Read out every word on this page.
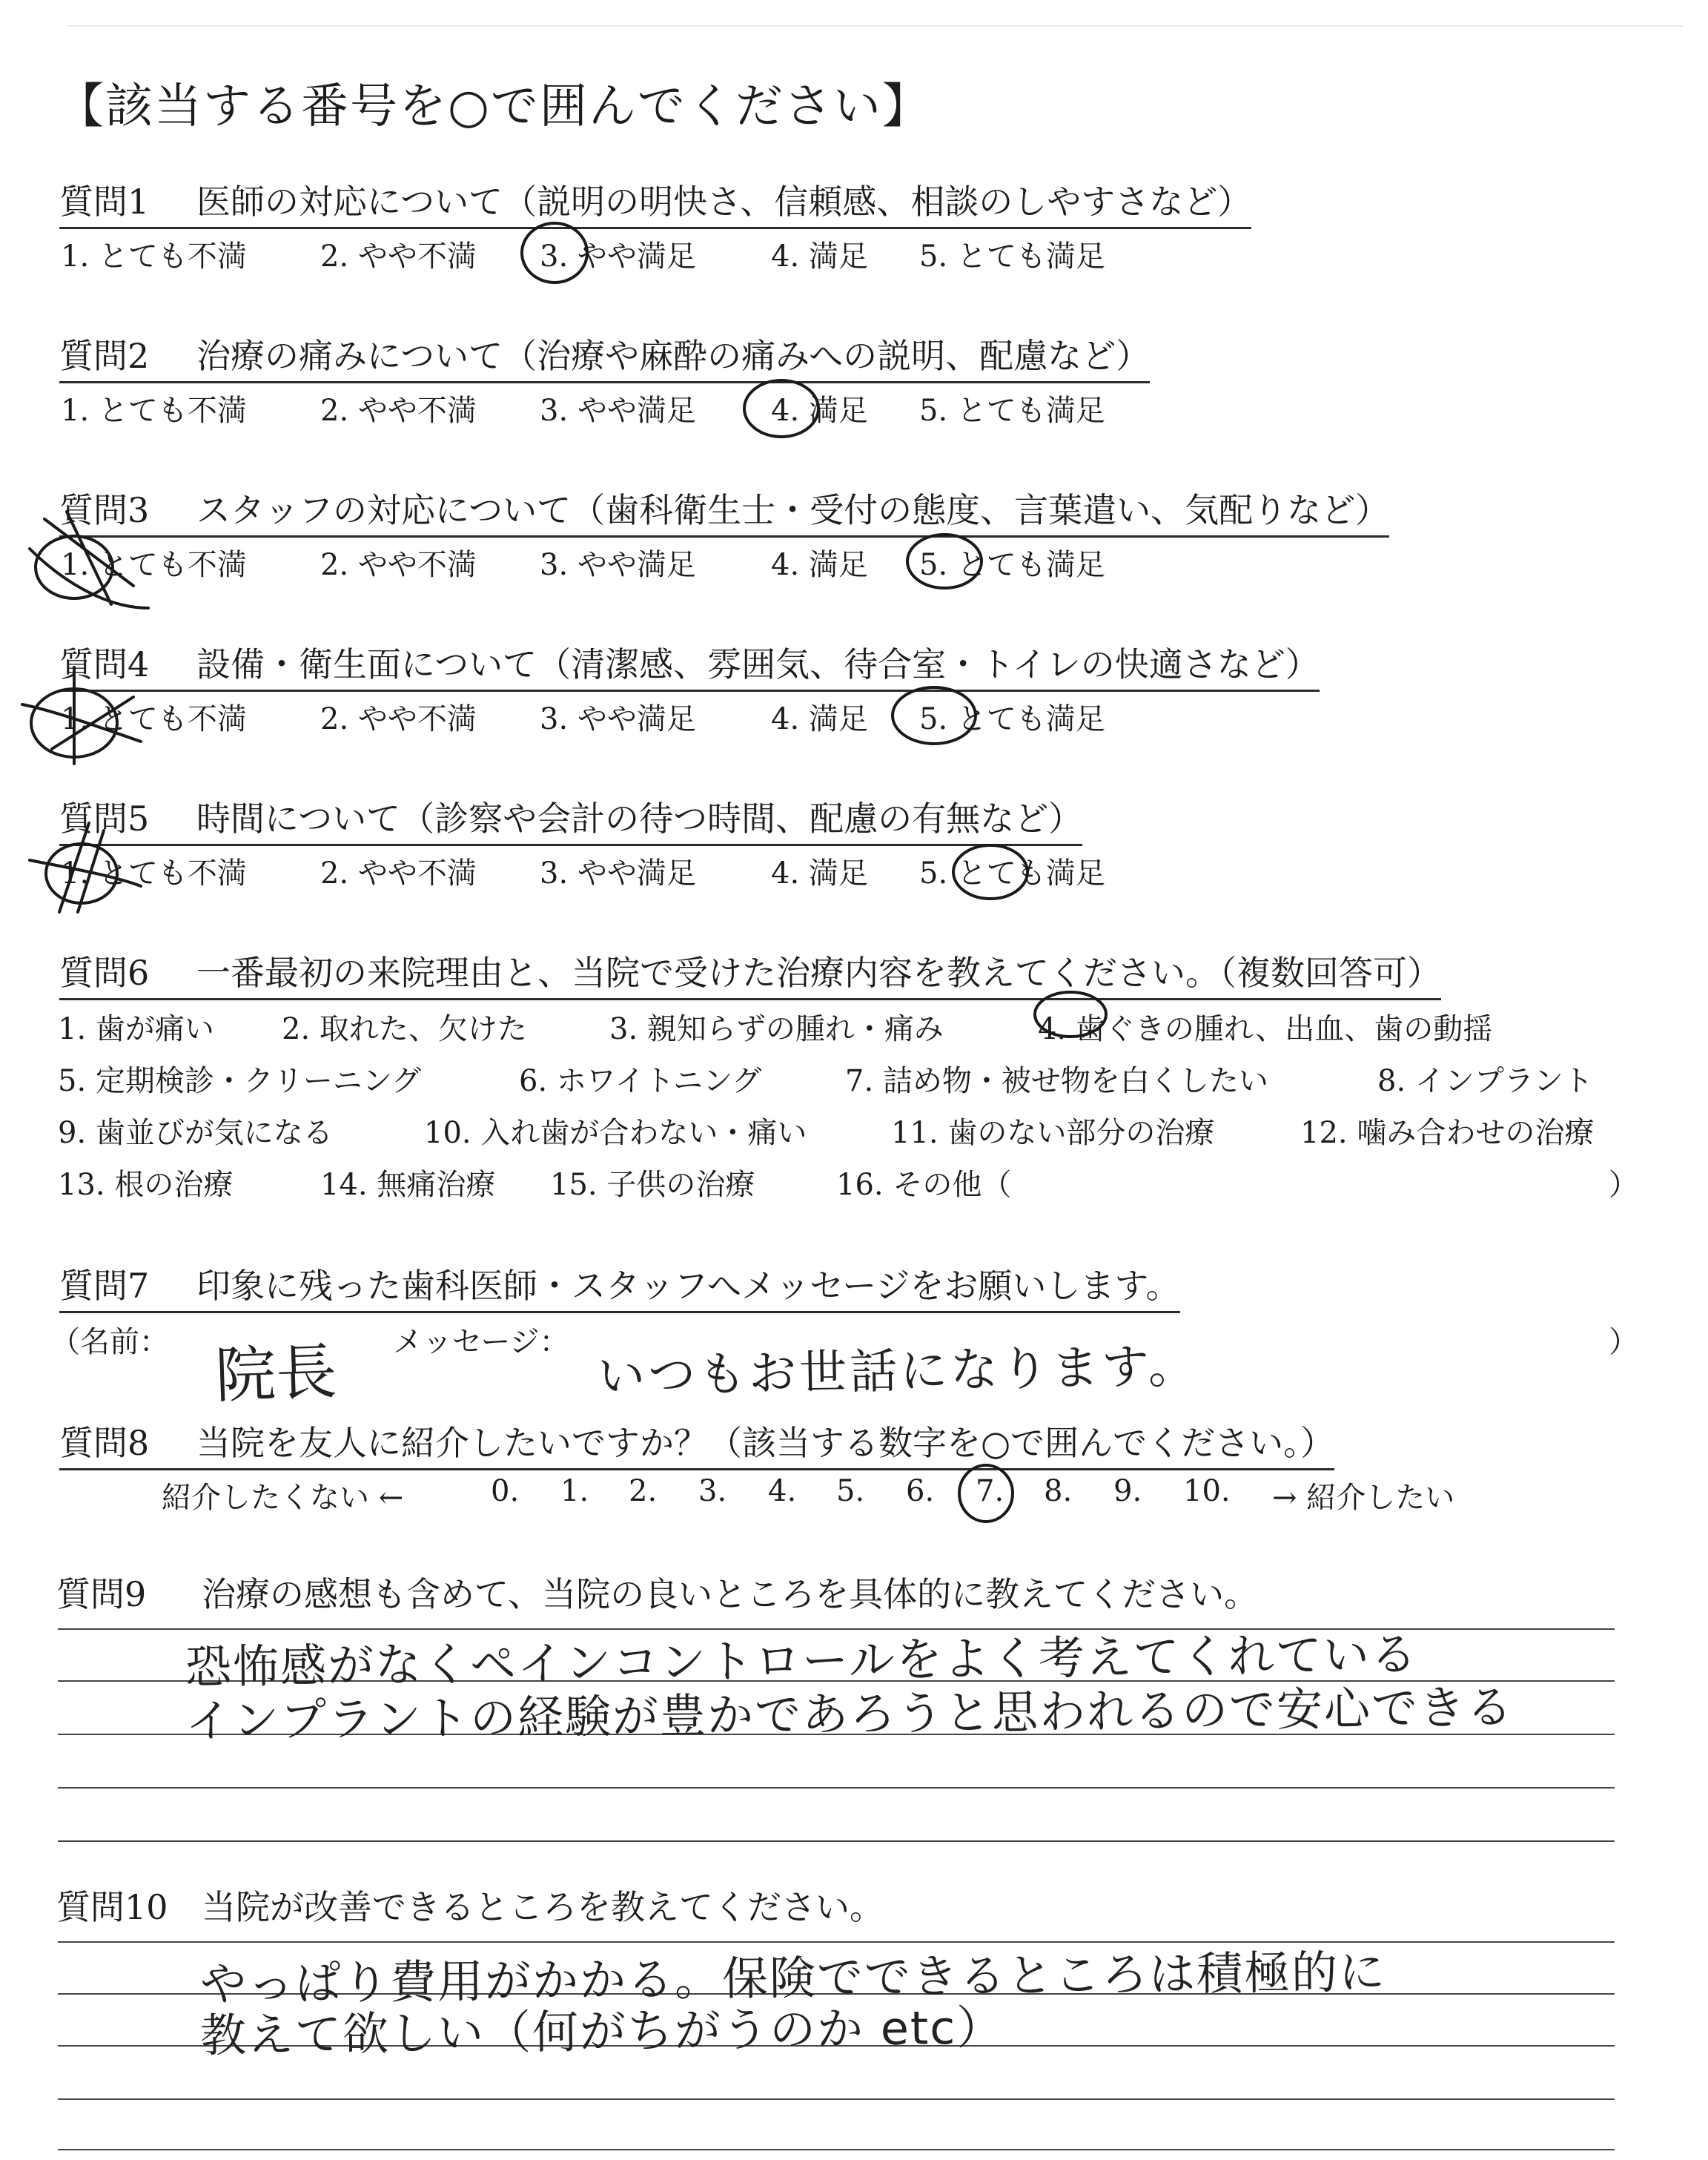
【該当する番号を○で囲んでください】
質問1 医師の対応について（説明の明快さ、信頼感、相談のしやすさなど）
1. とても不満 2. やや不満 3. やや満足	4. 満足 5. とても満足
質問2 治療の痛みについて（治療や麻酔の痛みへの説明、配慮など）
1. とても不満 2. やや不満 3. やや満足	4. 満足 5. とても満足
質問3 スタッフの対応について（歯科衛生士・受付の態度、言葉遣い、気配りなど）
1. とても不満 2. やや不満 3. やや満足	4. 満足 5. とても満足
質問4 設備・衛生面について（清潔感、雰囲気、待合室・トイレの快適さなど）
1. とても不満 2. やや不満 3. やや満足	4. 満足 5. とても満足
質問5 時間について（診察や会計の待つ時間、配慮の有無など）
1. とても不満 2. やや不満 3. やや満足	4. 満足 5. とても満足
質問6 一番最初の来院理由と、当院で受けた治療内容を教えてください。（複数回答可）
1. 歯が痛い 2. 取れた、欠けた	3. 親知らずの腫れ・痛み	4. 歯ぐきの腫れ、出血、歯の動揺
5. 定期検診・クリーニング	6. ホワイトニング	7. 詰め物・被せ物を白くしたい	8. インプラント
9. 歯並びが気になる	10. 入れ歯が合わない・痛い	11. 歯のない部分の治療	12. 噛み合わせの治療
13. 根の治療	14. 無痛治療 15. 子供の治療	16. その他（	）
質問7 印象に残った歯科医師・スタッフへメッセージをお願いします。
（名前：	メッセージ：	）
院長	いつもお世話になります。
質問8 当院を友人に紹介したいですか？（該当する数字を○で囲んでください。）
紹介したくない ←	0. 1. 2. 3. 4. 5. 6. 7. 8. 9. 10. → 紹介したい
質問9 治療の感想も含めて、当院の良いところを具体的に教えてください。
恐怖感がなくペインコントロールをよく考えてくれている
インプラントの経験が豊かであろうと思われるので安心できる
質問10 当院が改善できるところを教えてください。
やっぱり費用がかかる。保険でできるところは積極的に
教えて欲しい（何がちがうのか etc）
